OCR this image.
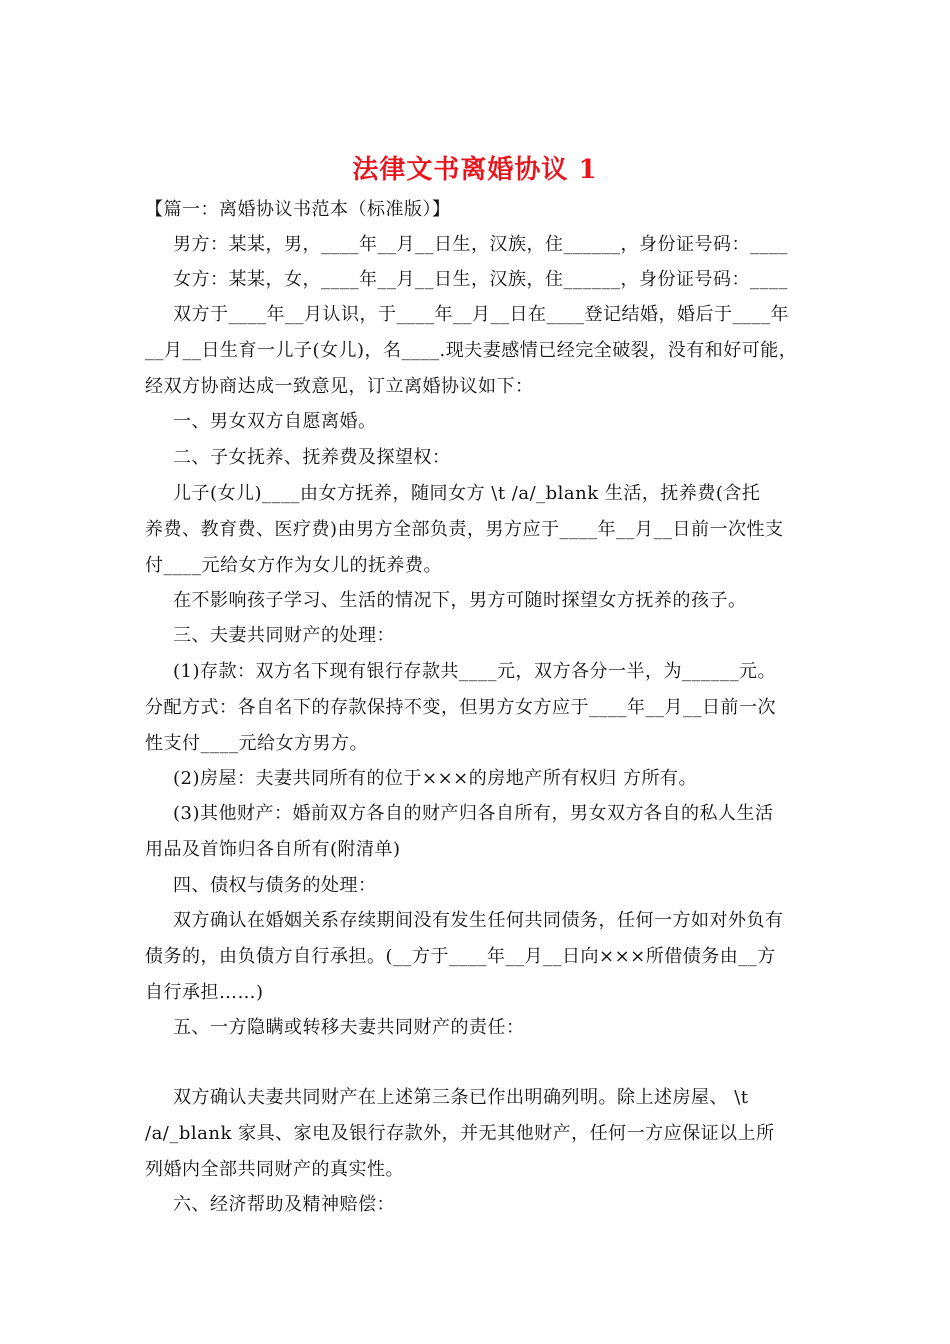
法律文书离婚协议 1
【篇一：离婚协议书范本（标准版）】
男方：某某，男，____年__月__日生，汉族，住______，身份证号码：____
女方：某某，女，____年__月__日生，汉族，住______，身份证号码：____
双方于____年__月认识，于____年__月__日在____登记结婚，婚后于____年
__月__日生育一儿子(女儿)，名____.现夫妻感情已经完全破裂，没有和好可能，
经双方协商达成一致意见，订立离婚协议如下：
一、男女双方自愿离婚。
二、子女抚养、抚养费及探望权：
儿子(女儿)____由女方抚养，随同女方 \t /a/_blank 生活，抚养费(含托
养费、教育费、医疗费)由男方全部负责，男方应于____年__月__日前一次性支
付____元给女方作为女儿的抚养费。
在不影响孩子学习、生活的情况下，男方可随时探望女方抚养的孩子。
三、夫妻共同财产的处理：
(1)存款：双方名下现有银行存款共____元，双方各分一半，为______元。
分配方式：各自名下的存款保持不变，但男方女方应于____年__月__日前一次
性支付____元给女方男方。
(2)房屋：夫妻共同所有的位于×××的房地产所有权归 方所有。
(3)其他财产：婚前双方各自的财产归各自所有，男女双方各自的私人生活
用品及首饰归各自所有(附清单)
四、债权与债务的处理：
双方确认在婚姻关系存续期间没有发生任何共同债务，任何一方如对外负有
债务的，由负债方自行承担。(__方于____年__月__日向×××所借债务由__方
自行承担……)
五、一方隐瞒或转移夫妻共同财产的责任：
双方确认夫妻共同财产在上述第三条已作出明确列明。除上述房屋、 \t
/a/_blank 家具、家电及银行存款外，并无其他财产，任何一方应保证以上所
列婚内全部共同财产的真实性。
六、经济帮助及精神赔偿：
